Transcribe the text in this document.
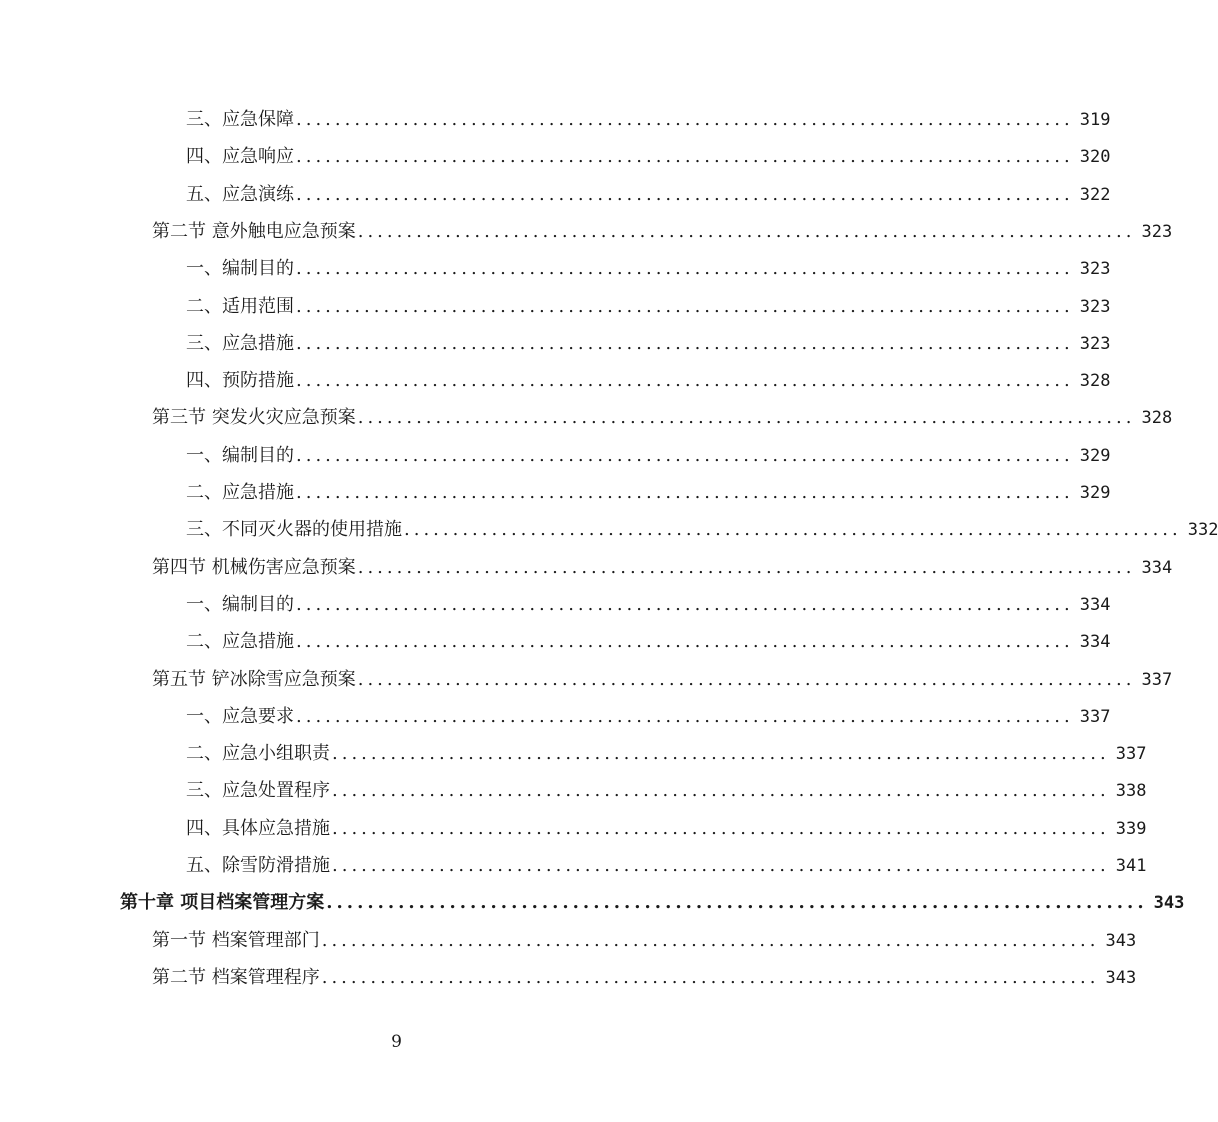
三、应急保障 ................................................................................ 319
四、应急响应 ................................................................................ 320
五、应急演练 ................................................................................ 322
第二节 意外触电应急预案 ................................................................................ 323
一、编制目的 ................................................................................ 323
二、适用范围 ................................................................................ 323
三、应急措施 ................................................................................ 323
四、预防措施 ................................................................................ 328
第三节 突发火灾应急预案 ................................................................................ 328
一、编制目的 ................................................................................ 329
二、应急措施 ................................................................................ 329
三、不同灭火器的使用措施 ................................................................................ 332
第四节 机械伤害应急预案 ................................................................................ 334
一、编制目的 ................................................................................ 334
二、应急措施 ................................................................................ 334
第五节 铲冰除雪应急预案 ................................................................................ 337
一、应急要求 ................................................................................ 337
二、应急小组职责 ................................................................................ 337
三、应急处置程序 ................................................................................ 338
四、具体应急措施 ................................................................................ 339
五、除雪防滑措施 ................................................................................ 341
第十章 项目档案管理方案 ................................................................................ 343
第一节 档案管理部门 ................................................................................ 343
第二节 档案管理程序 ................................................................................ 343
9
